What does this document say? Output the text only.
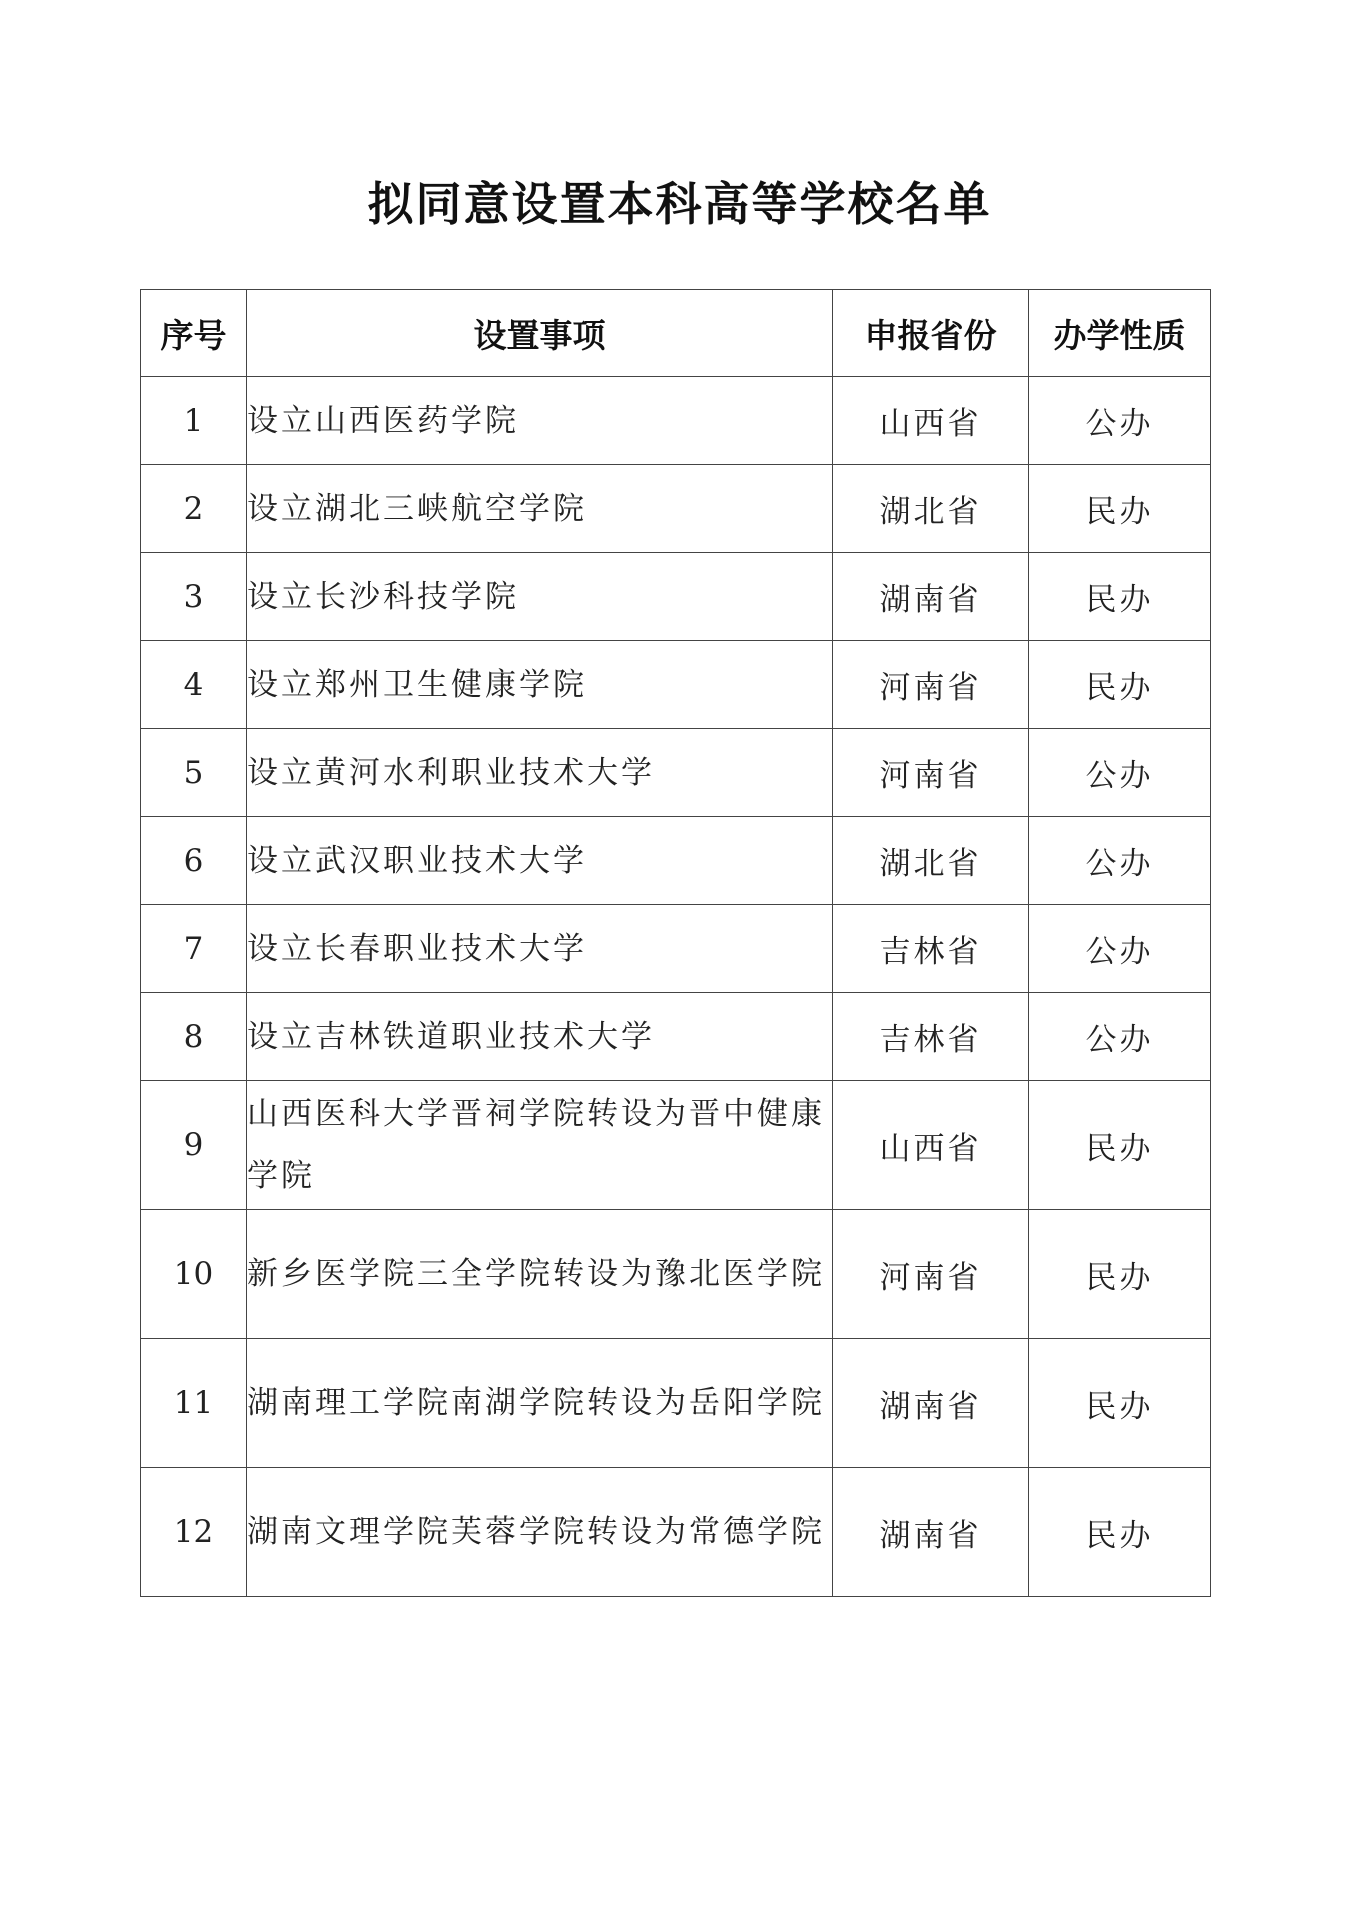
拟同意设置本科高等学校名单
序号	设置事项	申报省份	办学性质
1	设立山西医药学院	山西省	公办
2	设立湖北三峡航空学院	湖北省	民办
3	设立长沙科技学院	湖南省	民办
4	设立郑州卫生健康学院	河南省	民办
5	设立黄河水利职业技术大学	河南省	公办
6	设立武汉职业技术大学	湖北省	公办
7	设立长春职业技术大学	吉林省	公办
8	设立吉林铁道职业技术大学	吉林省	公办
9	山西医科大学晋祠学院转设为晋中健康学院	山西省	民办
10	新乡医学院三全学院转设为豫北医学院	河南省	民办
11	湖南理工学院南湖学院转设为岳阳学院	湖南省	民办
12	湖南文理学院芙蓉学院转设为常德学院	湖南省	民办
